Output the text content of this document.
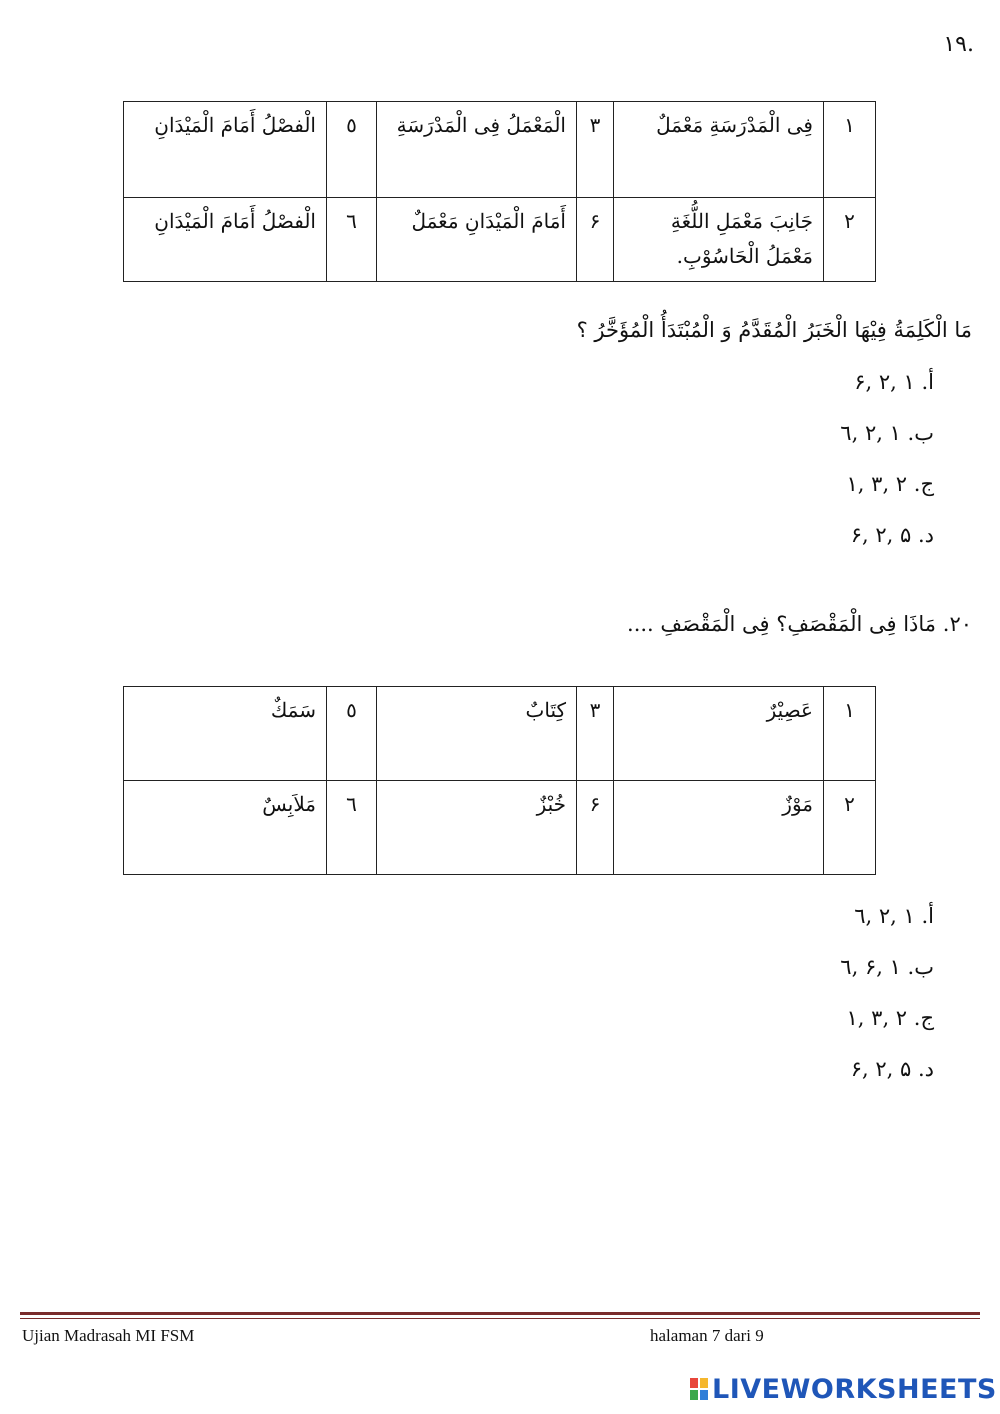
.١٩
١	فِى الْمَدْرَسَةِ مَعْمَلٌ	٣	الْمَعْمَلُ فِى الْمَدْرَسَةِ	٥	الْفصْلُ أَمَامَ الْمَيْدَانِ
٢	جَانِبَ مَعْمَلِ اللُّغَةِ مَعْمَلُ الْحَاسُوْبِ.	۶	أَمَامَ الْمَيْدَانِ مَعْمَلٌ	٦	الْفصْلُ أَمَامَ الْمَيْدَانِ
مَا الْكَلِمَةُ فِيْهَا الْخَبَرُ الْمُقَدَّمُ وَ الْمُبْتَدَأُ الْمُؤَخَّرُ ؟
أ. ١ ,٢ ,۶
ب. ١ ,٢ ,٦
ج. ٢ ,٣ ,١
د. ۵ ,٢ ,۶
٢٠. مَاذَا فِى الْمَقْصَفِ؟ فِى الْمَقْصَفِ ....
١	عَصِيْرٌ	٣	كِتَابٌ	٥	سَمَكٌ
٢	مَوْزٌ	۶	خُبْزٌ	٦	مَلاَبِسٌ
أ. ١ ,٢ ,٦
ب. ١ ,۶ ,٦
ج. ٢ ,٣ ,١
د. ۵ ,٢ ,۶
Ujian Madrasah MI FSM	halaman 7 dari 9
LIVEWORKSHEETS
